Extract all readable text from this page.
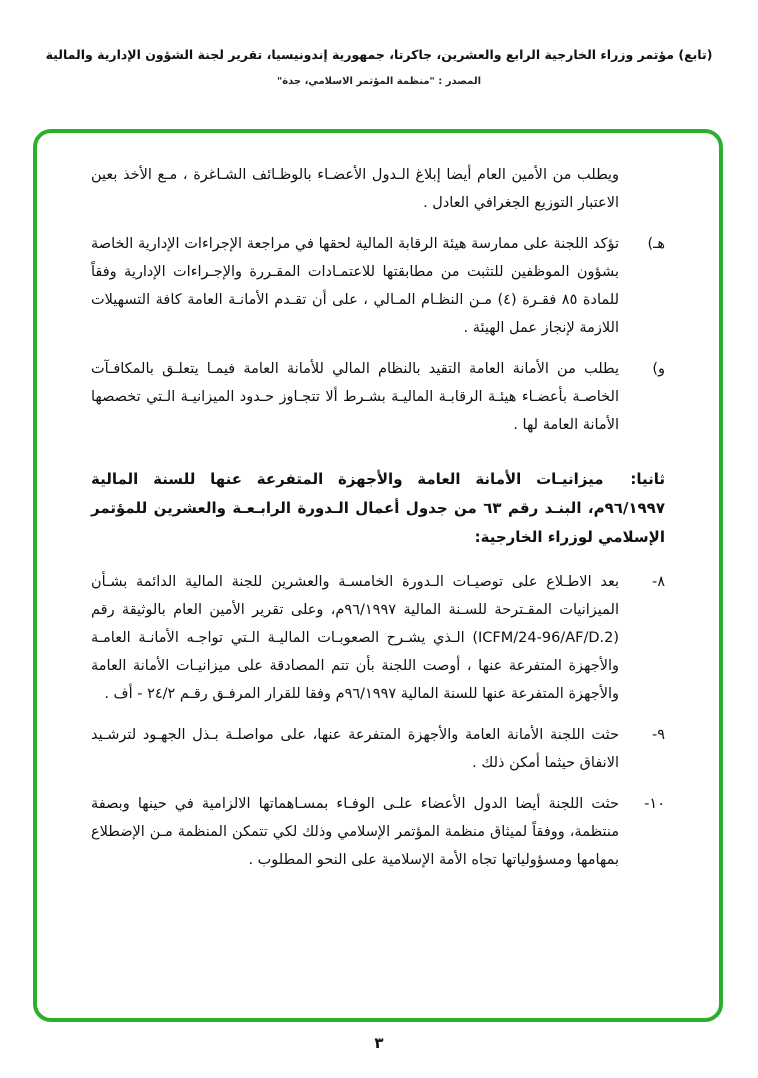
(تابع) مؤتمر وزراء الخارجية الرابع والعشرين، جاكرتا، جمهورية إندونيسيا، تقرير لجنة الشؤون الإدارية والمالية
المصدر : "منظمة المؤتمر الاسلامي، جدة"

ويطلب من الأمين العام أيضا إبلاغ الـدول الأعضـاء بالوظـائف الشـاغرة ، مـع الأخذ بعين الاعتبار التوزيع الجغرافي العادل .

هـ)

تؤكد اللجنة على ممارسة هيئة الرقابة المالية لحقها في مراجعة الإجراءات الإدارية الخاصة بشؤون الموظفين للتثبت من مطابقتها للاعتمـادات المقـررة والإجـراءات الإدارية وفقاً للمادة ٨٥ فقـرة (٤) مـن النظـام المـالي ، على أن تقـدم الأمانـة العامة كافة التسهيلات اللازمة لإنجاز عمل الهيئة .

و)

يطلب من الأمانة العامة التقيد بالنظام المالي للأمانة العامة فيمـا يتعلـق بالمكافـآت الخاصـة بأعضـاء هيئـة الرقابـة الماليـة بشـرط ألا تتجـاوز حـدود الميزانيـة الـتي تخصصها الأمانة العامة لها .

ثانيا: ميزانيـات الأمانة العامة والأجهزة المتفرعة عنها للسنة المالية ٩٦/١٩٩٧م، البنـد رقم ٦٣ من جدول أعمال الـدورة الرابـعـة والعشرين للمؤتمر الإسلامي لوزراء الخارجية:
٨-

بعد الاطـلاع على توصيـات الـدورة الخامسـة والعشرين للجنة المالية الدائمة بشـأن الميزانيات المقـترحة للسـنة المالية ٩٦/١٩٩٧م، وعلى تقرير الأمين العام بالوثيقة رقم ‎(ICFM/24-96/AF/D.2)‎ الـذي يشـرح الصعوبـات الماليـة الـتي تواجـه الأمانـة العامـة والأجهزة المتفرعة عنها ، أوصت اللجنة بأن تتم المصادقة على ميزانيـات الأمانة العامة والأجهزة المتفرعة عنها للسنة المالية ٩٦/١٩٩٧م وفقا للقرار المرفـق رقـم ٢٤/٢ - أف .

٩-

حثت اللجنة الأمانة العامة والأجهزة المتفرعة عنها، على مواصلـة بـذل الجهـود لترشـيد الانفاق حيثما أمكن ذلك .

١٠-

حثت اللجنة أيضا الدول الأعضاء علـى الوفـاء بمسـاهماتها الالزامية في حينها وبصفة منتظمة، ووفقاً لميثاق منظمة المؤتمر الإسلامي وذلك لكي تتمكن المنظمة مـن الإضطلاع بمهامها ومسؤولياتها تجاه الأمة الإسلامية على النحو المطلوب .

٣
